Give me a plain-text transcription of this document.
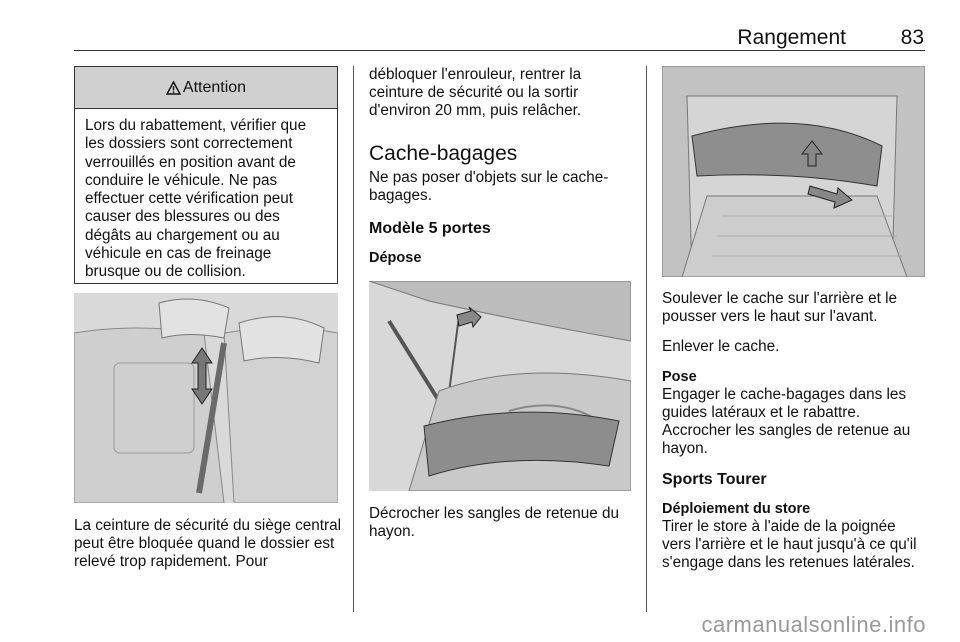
Rangement	83
Attention
Lors du rabattement, vérifier que les dossiers sont correctement verrouillés en position avant de conduire le véhicule. Ne pas effectuer cette vérification peut causer des blessures ou des dégâts au chargement ou au véhicule en cas de freinage brusque ou de collision.
La ceinture de sécurité du siège central peut être bloquée quand le dossier est relevé trop rapidement. Pour

débloquer l'enrouleur, rentrer la ceinture de sécurité ou la sortir d'environ 20 mm, puis relâcher.

Cache-bagages

Ne pas poser d'objets sur le cache-bagages.

Modèle 5 portes

Dépose

Décrocher les sangles de retenue du hayon.

Soulever le cache sur l'arrière et le pousser vers le haut sur l'avant.

Enlever le cache.

Pose

Engager le cache-bagages dans les guides latéraux et le rabattre. Accrocher les sangles de retenue au hayon.

Sports Tourer

Déploiement du store

Tirer le store à l'aide de la poignée vers l'arrière et le haut jusqu'à ce qu'il s'engage dans les retenues latérales.

carmanualsonline.info
